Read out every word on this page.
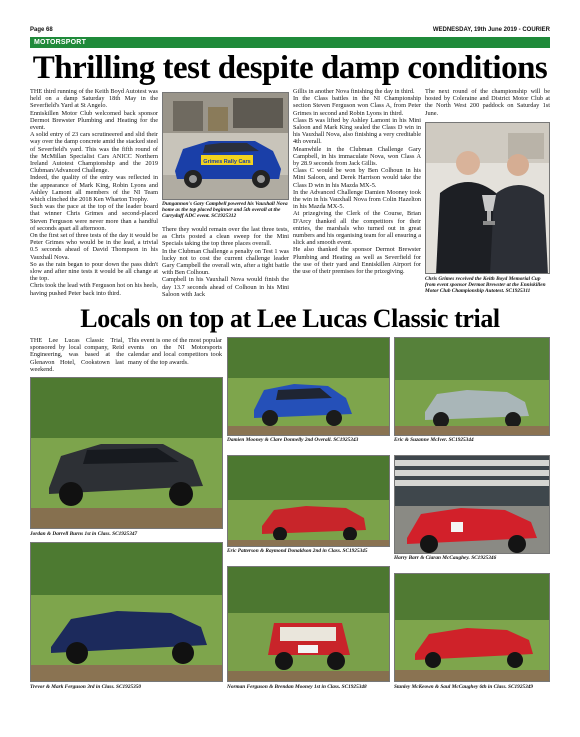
Page 68	WEDNESDAY, 19th June 2019 - COURIER
MOTORSPORT
Thrilling test despite damp conditions

THE third running of the Keith Boyd Autotest was held on a damp Saturday 18th May in the Severfield's Yard at St Angelo.

Enniskillen Motor Club welcomed back sponsor Dermot Brewster Plumbing and Heating for the event.

A solid entry of 23 cars scrutineered and slid their way over the damp concrete amid the stacked steel of Severfield's yard. This was the fifth round of the McMillan Specialist Cars ANICC Northern Ireland Autotest Championship and the 2019 Clubman/Advanced Challenge.

Indeed, the quality of the entry was reflected in the appearance of Mark King, Robin Lyons and Ashley Lamont all members of the NI Team which clinched the 2018 Ken Wharton Trophy.

Such was the pace at the top of the leader board that winner Chris Grimes and second-placed Steven Ferguson were never more than a handful of seconds apart all afternoon.

On the first set of three tests of the day it would be Peter Grimes who would be in the lead, a trivial 0.5 seconds ahead of David Thompson in his Vauxhall Nova.

So as the rain began to pour down the pass didn't slow and after nine tests it would be all change at the top.

Chris took the lead with Ferguson hot on his heels, having pushed Peter back into third.

Grimes Rally Cars
Dungannon's Gary Campbell powered his Vauxhall Nova home as the top placed beginner and 5th overall at the Carryduff ADC event. SC1925312

There they would remain over the last three tests, as Chris posted a clean sweep for the Mini Specials taking the top three places overall.

In the Clubman Challenge a penalty on Test 1 was lucky not to cost the current challenge leader Gary Campbell the overall win, after a tight battle with Ben Colhoun.

Campbell in his Vauxhall Nova would finish the day 13.7 seconds ahead of Colhoun in his Mini Saloon with Jack

Gillis in another Nova finishing the day in third.

In the Class battles in the NI Championship section Steven Ferguson won Class A, from Peter Grimes in second and Robin Lyons in third.

Class B was lifted by Ashley Lamont in his Mini Saloon and Mark King sealed the Class D win in his Vauxhall Nova, also finishing a very creditable 4th overall.

Meanwhile in the Clubman Challenge Gary Campbell, in his immaculate Nova, won Class A by 28.9 seconds from Jack Gillis.

Class C would be won by Ben Colhoun in his Mini Saloon, and Derek Harrison would take the Class D win in his Mazda MX-5.

In the Advanced Challenge Damien Mooney took the win in his Vauxhall Nova from Colin Hazelton in his Mazda MX-5.

At prizegiving the Clerk of the Course, Brian D'Arcy thanked all the competitors for their entries, the marshals who turned out in great numbers and his organising team for all ensuring a slick and smooth event.

He also thanked the sponsor Dermot Brewster Plumbing and Heating as well as Severfield for the use of their yard and Enniskillen Airport for the use of their premises for the prizegiving.

The next round of the championship will be hosted by Coleraine and District Motor Club at the North West 200 paddock on Saturday 1st June.

Chris Grimes received the Keith Boyd Memorial Cup from event sponsor Dermot Brewster at the Enniskillen Motor Club Championship Autotest. SC1925311
Locals on top at Lee Lucas Classic trial
THE Lee Lucas Classic Trial, sponsored by local company, Reid Engineering, was based at the Glenavon Hotel, Cookstown last weekend.
This event is one of the most popular events on the NI Motorsports calendar and local competitors took many of the top awards.
Damien Mooney & Clare Donnelly 2nd Overall. SC1925343	Eric & Suzanne McIver. SC1925344
Jordan & Darrell Burns 1st in Class. SC1925347
Eric Patterson & Raymond Donaldson 2nd in Class. SC1925345
Harry Barr & Ciaran McCaughey. SC1925346
Trevor & Mark Ferguson 3rd in Class. SC1925350	Norman Ferguson & Brendan Mooney 1st in Class. SC1925348	Stanley McKeown & Saul McCaughey 6th in Class. SC1925349
